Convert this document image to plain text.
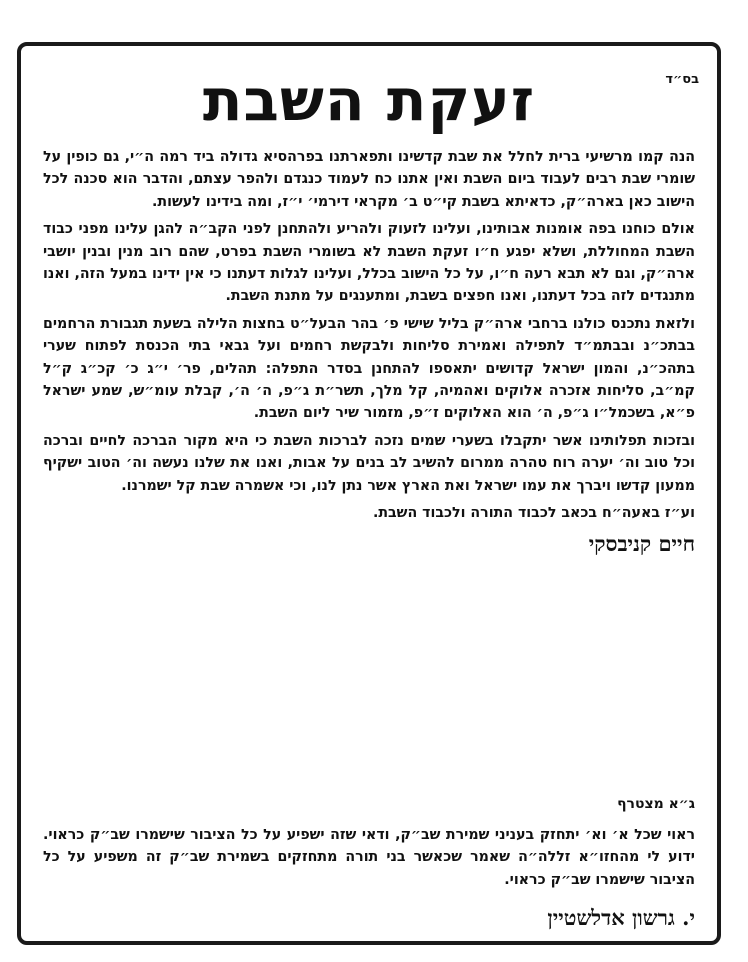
בס״ד
זעקת השבת

הנה קמו מרשיעי ברית לחלל את שבת קדשינו ותפארתנו בפרהסיא גדולה ביד רמה ה״י, גם כופין על שומרי שבת רבים לעבוד ביום השבת ואין אתנו כח לעמוד כנגדם ולהפר עצתם, והדבר הוא סכנה לכל הישוב כאן בארה״ק, כדאיתא בשבת קי״ט ב׳ מקראי דירמי׳ י״ז, ומה בידינו לעשות.

אולם כוחנו בפה אומנות אבותינו, ועלינו לזעוק ולהריע ולהתחנן לפני הקב״ה להגן עלינו מפני כבוד השבת המחוללת, ושלא יפגע ח״ו זעקת השבת לא בשומרי השבת בפרט, שהם רוב מנין ובנין יושבי ארה״ק, וגם לא תבא רעה ח״ו, על כל הישוב בכלל, ועלינו לגלות דעתנו כי אין ידינו במעל הזה, ואנו מתנגדים לזה בכל דעתנו, ואנו חפצים בשבת, ומתענגים על מתנת השבת.

ולזאת נתכנס כולנו ברחבי ארה״ק בליל שישי פ׳ בהר הבעל״ט בחצות הלילה בשעת תגבורת הרחמים בבתכ״נ ובבתמ״ד לתפילה ואמירת סליחות ולבקשת רחמים ועל גבאי בתי הכנסת לפתוח שערי בתהכ״נ, והמון ישראל קדושים יתאספו להתחנן בסדר התפלה: תהלים, פר׳ י״ג כ׳ קכ״ג ק״ל קמ״ב, סליחות אזכרה אלוקים ואהמיה, קל מלך, תשר״ת ג״פ, ה׳ ה׳, קבלת עומ״ש, שמע ישראל פ״א, בשכמל״ו ג״פ, ה׳ הוא האלוקים ז״פ, מזמור שיר ליום השבת.

ובזכות תפלותינו אשר יתקבלו בשערי שמים נזכה לברכות השבת כי היא מקור הברכה לחיים וברכה וכל טוב וה׳ יערה רוח טהרה ממרום להשיב לב בנים על אבות, ואנו את שלנו נעשה וה׳ הטוב ישקיף ממעון קדשו ויברך את עמו ישראל ואת הארץ אשר נתן לנו, וכי אשמרה שבת קל ישמרנו.

וע״ז באעה״ח בכאב לכבוד התורה ולכבוד השבת.

חיים קניבסקי

ג״א מצטרף

ראוי שכל א׳ וא׳ יתחזק בעניני שמירת שב״ק, ודאי שזה ישפיע על כל הציבור שישמרו שב״ק כראוי. ידוע לי מהחזו״א זללה״ה שאמר שכאשר בני תורה מתחזקים בשמירת שב״ק זה משפיע על כל הציבור שישמרו שב״ק כראוי.

י. גרשון אדלשטיין
